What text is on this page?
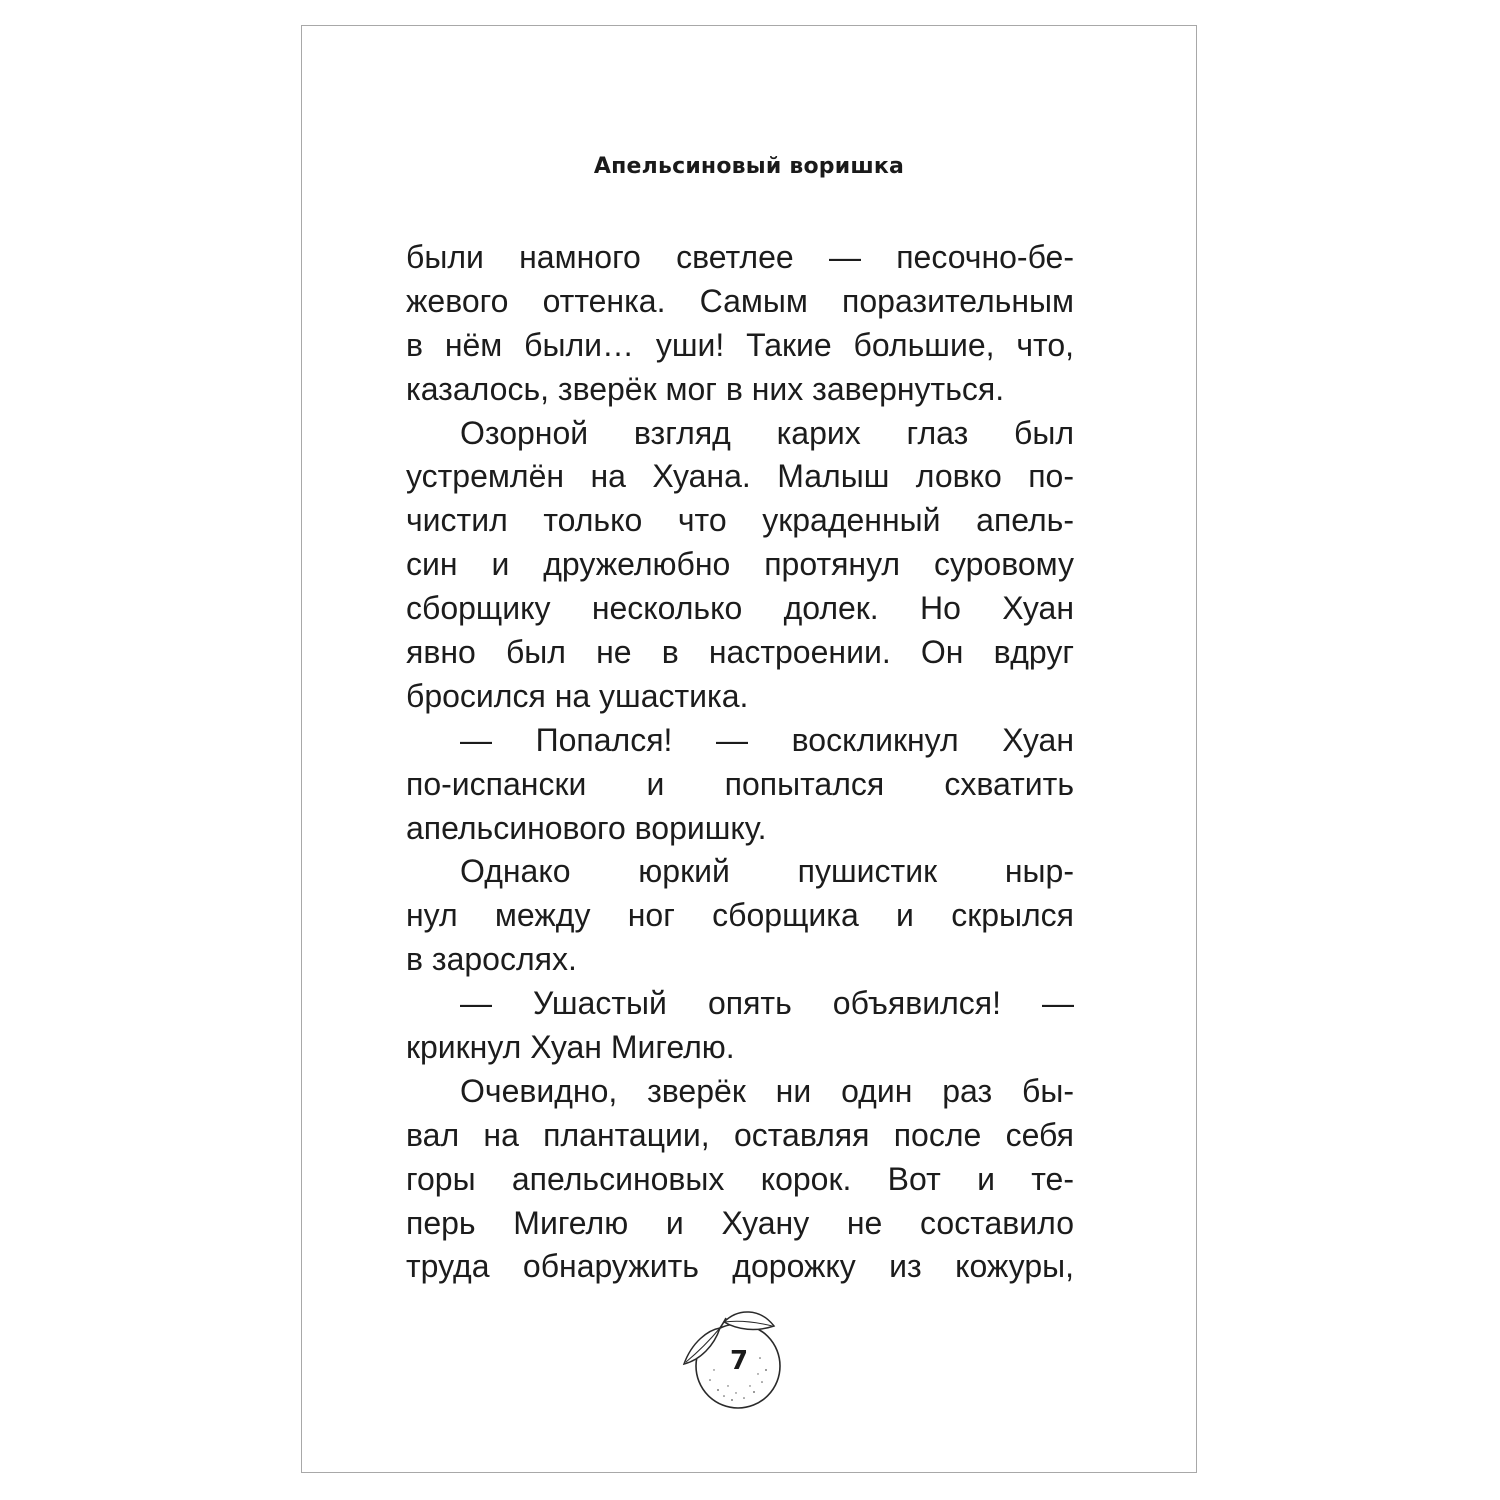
Апельсиновый воришка
были намного светлее — песочно-бе-
жевого оттенка. Самым поразительным
в нём были… уши! Такие большие, что,
казалось, зверёк мог в них завернуться.
Озорной взгляд карих глаз был
устремлён на Хуана. Малыш ловко по-
чистил только что украденный апель-
син и дружелюбно протянул суровому
сборщику несколько долек. Но Хуан
явно был не в настроении. Он вдруг
бросился на ушастика.
— Попался! — воскликнул Хуан
по-испански и попытался схватить
апельсинового воришку.
Однако юркий пушистик ныр-
нул между ног сборщика и скрылся
в зарослях.
— Ушастый опять объявился! —
крикнул Хуан Мигелю.
Очевидно, зверёк ни один раз бы-
вал на плантации, оставляя после себя
горы апельсиновых корок. Вот и те-
перь Мигелю и Хуану не составило
труда обнаружить дорожку из кожуры,
7
